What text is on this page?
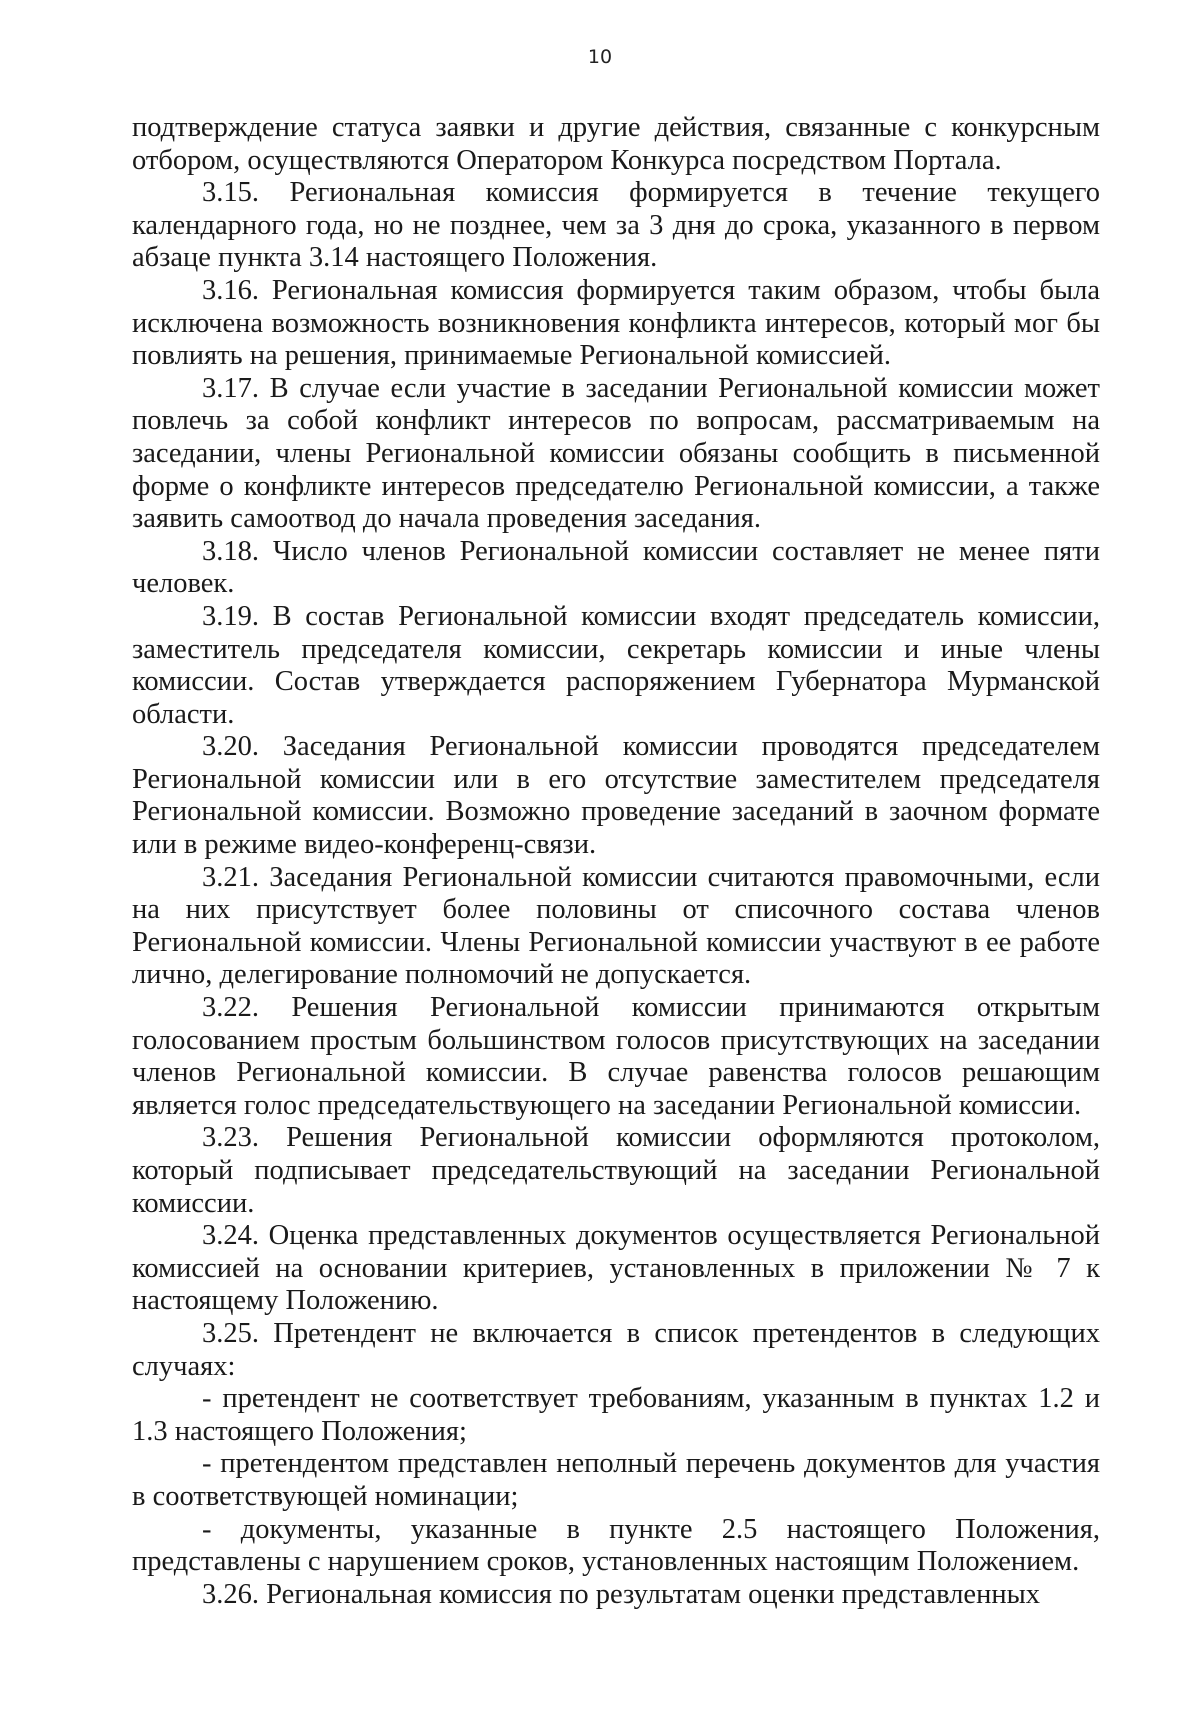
10

подтверждение статуса заявки и другие действия, связанные с конкурсным отбором, осуществляются Оператором Конкурса посредством Портала.

3.15. Региональная комиссия формируется в течение текущего календарного года, но не позднее, чем за 3 дня до срока, указанного в первом абзаце пункта 3.14 настоящего Положения.

3.16. Региональная комиссия формируется таким образом, чтобы была исключена возможность возникновения конфликта интересов, который мог бы повлиять на решения, принимаемые Региональной комиссией.

3.17. В случае если участие в заседании Региональной комиссии может повлечь за собой конфликт интересов по вопросам, рассматриваемым на заседании, члены Региональной комиссии обязаны сообщить в письменной форме о конфликте интересов председателю Региональной комиссии, а также заявить самоотвод до начала проведения заседания.

3.18. Число членов Региональной комиссии составляет не менее пяти человек.

3.19. В состав Региональной комиссии входят председатель комиссии, заместитель председателя комиссии, секретарь комиссии и иные члены комиссии. Состав утверждается распоряжением Губернатора Мурманской области.

3.20. Заседания Региональной комиссии проводятся председателем Региональной комиссии или в его отсутствие заместителем председателя Региональной комиссии. Возможно проведение заседаний в заочном формате или в режиме видео-конференц-связи.

3.21. Заседания Региональной комиссии считаются правомочными, если на них присутствует более половины от списочного состава членов Региональной комиссии. Члены Региональной комиссии участвуют в ее работе лично, делегирование полномочий не допускается.

3.22. Решения Региональной комиссии принимаются открытым голосованием простым большинством голосов присутствующих на заседании членов Региональной комиссии. В случае равенства голосов решающим является голос председательствующего на заседании Региональной комиссии.

3.23. Решения Региональной комиссии оформляются протоколом, который подписывает председательствующий на заседании Региональной комиссии.

3.24. Оценка представленных документов осуществляется Региональной комиссией на основании критериев, установленных в приложении № 7 к настоящему Положению.

3.25. Претендент не включается в список претендентов в следующих случаях:

- претендент не соответствует требованиям, указанным в пунктах 1.2 и 1.3 настоящего Положения;

- претендентом представлен неполный перечень документов для участия в соответствующей номинации;

- документы, указанные в пункте 2.5 настоящего Положения, представлены с нарушением сроков, установленных настоящим Положением.

3.26. Региональная комиссия по результатам оценки представленных
